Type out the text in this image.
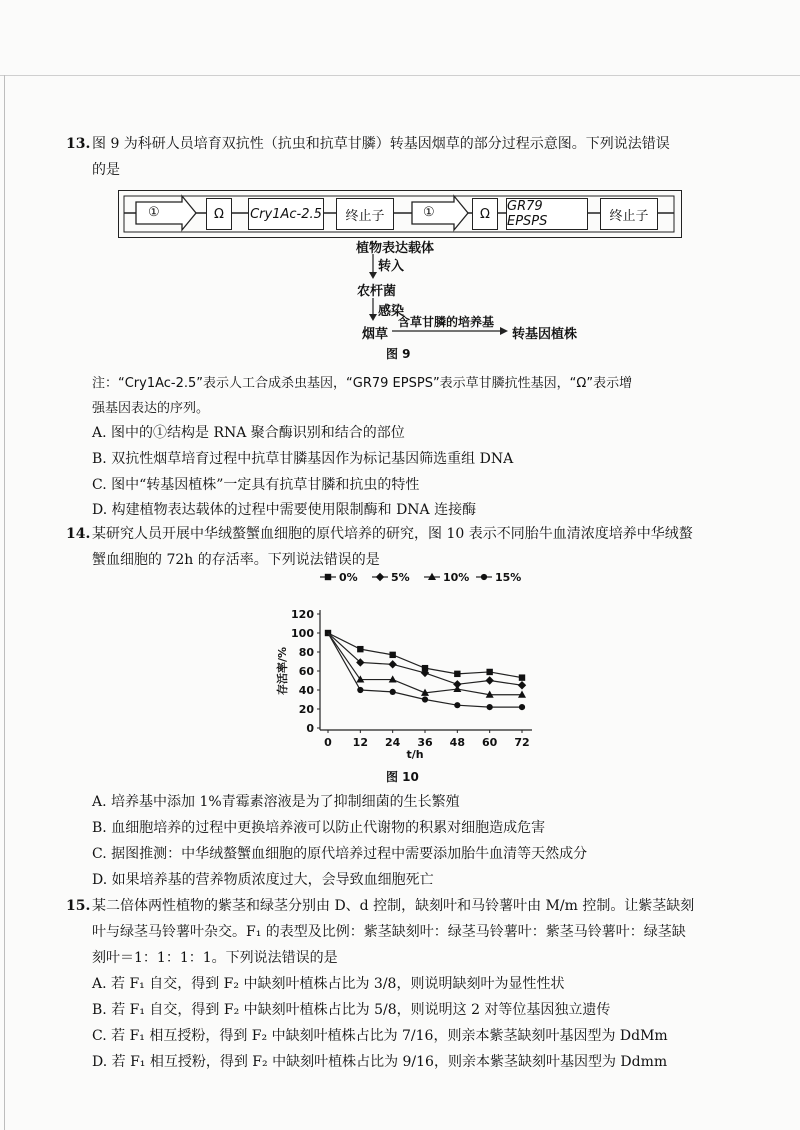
13. 图 9 为科研人员培育双抗性（抗虫和抗草甘膦）转基因烟草的部分过程示意图。下列说法错误
的是
①	①
Ω Cry1Ac-2.5 终止子	Ω GR79 EPSPS	终止子
植物表达载体
转入
农杆菌
感染
烟草
含草甘膦的培养基
转基因植株
图 9
注：“Cry1Ac-2.5”表示人工合成杀虫基因，“GR79 EPSPS”表示草甘膦抗性基因，“Ω”表示增
强基因表达的序列。
A. 图中的①结构是 RNA 聚合酶识别和结合的部位
B. 双抗性烟草培育过程中抗草甘膦基因作为标记基因筛选重组 DNA
C. 图中“转基因植株”一定具有抗草甘膦和抗虫的特性
D. 构建植物表达载体的过程中需要使用限制酶和 DNA 连接酶
14. 某研究人员开展中华绒螯蟹血细胞的原代培养的研究，图 10 表示不同胎牛血清浓度培养中华绒螯
蟹血细胞的 72h 的存活率。下列说法错误的是
0
20
40
60
80
100
120
0 12 24 36 48 60 72
t/h
存活率/%
0%	5%	10% 15%
图 10
A. 培养基中添加 1%青霉素溶液是为了抑制细菌的生长繁殖
B. 血细胞培养的过程中更换培养液可以防止代谢物的积累对细胞造成危害
C. 据图推测：中华绒螯蟹血细胞的原代培养过程中需要添加胎牛血清等天然成分
D. 如果培养基的营养物质浓度过大，会导致血细胞死亡
15. 某二倍体两性植物的紫茎和绿茎分别由 D、d 控制，缺刻叶和马铃薯叶由 M/m 控制。让紫茎缺刻
叶与绿茎马铃薯叶杂交。F₁ 的表型及比例：紫茎缺刻叶：绿茎马铃薯叶：紫茎马铃薯叶：绿茎缺
刻叶＝1：1：1：1。下列说法错误的是
A. 若 F₁ 自交，得到 F₂ 中缺刻叶植株占比为 3/8，则说明缺刻叶为显性性状
B. 若 F₁ 自交，得到 F₂ 中缺刻叶植株占比为 5/8，则说明这 2 对等位基因独立遗传
C. 若 F₁ 相互授粉，得到 F₂ 中缺刻叶植株占比为 7/16，则亲本紫茎缺刻叶基因型为 DdMm
D. 若 F₁ 相互授粉，得到 F₂ 中缺刻叶植株占比为 9/16，则亲本紫茎缺刻叶基因型为 Ddmm
